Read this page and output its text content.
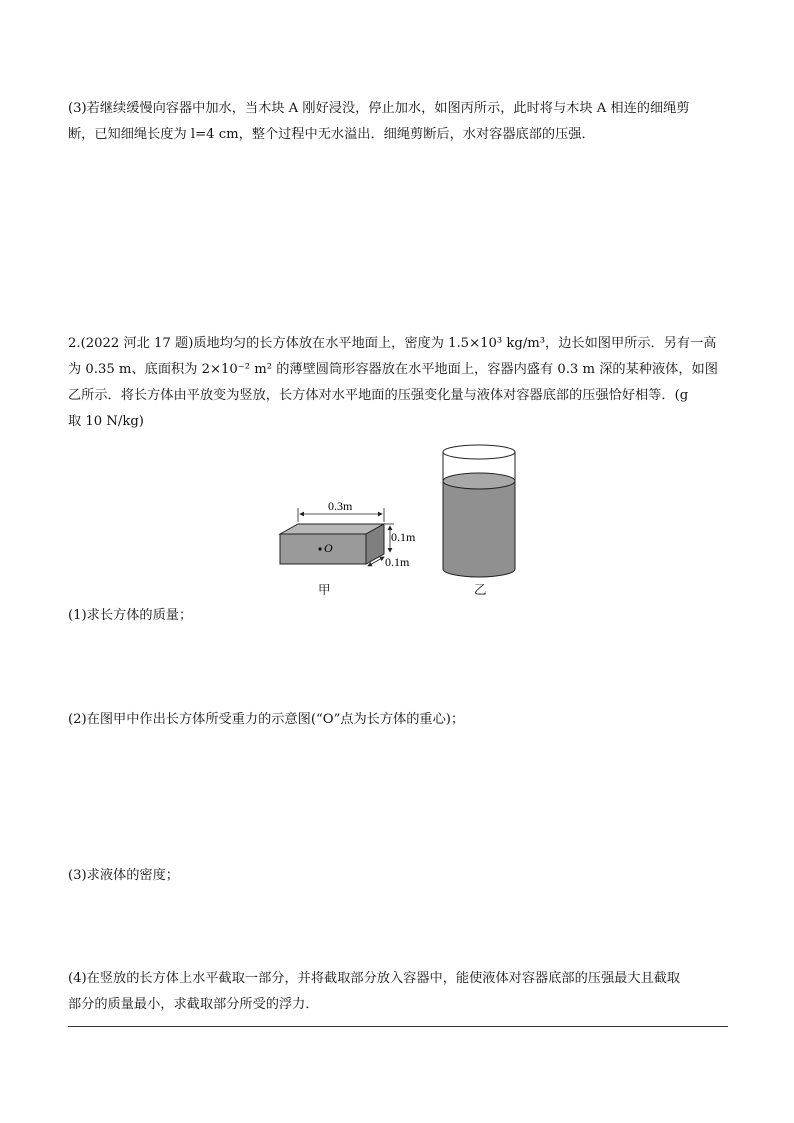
(3)若继续缓慢向容器中加水，当木块 A 刚好浸没，停止加水，如图丙所示，此时将与木块 A 相连的细绳剪
断，已知细绳长度为 l=4 cm，整个过程中无水溢出．细绳剪断后，水对容器底部的压强．
2.(2022 河北 17 题)质地均匀的长方体放在水平地面上，密度为 1.5×10³ kg/m³，边长如图甲所示．另有一高
为 0.35 m、底面积为 2×10⁻² m² 的薄壁圆筒形容器放在水平地面上，容器内盛有 0.3 m 深的某种液体，如图
乙所示．将长方体由平放变为竖放，长方体对水平地面的压强变化量与液体对容器底部的压强恰好相等．(g
取 10 N/kg)
O
0.3m
0.1m
0.1m
甲	乙
(1)求长方体的质量；
(2)在图甲中作出长方体所受重力的示意图(“O”点为长方体的重心)；
(3)求液体的密度；
(4)在竖放的长方体上水平截取一部分，并将截取部分放入容器中，能使液体对容器底部的压强最大且截取
部分的质量最小，求截取部分所受的浮力．
